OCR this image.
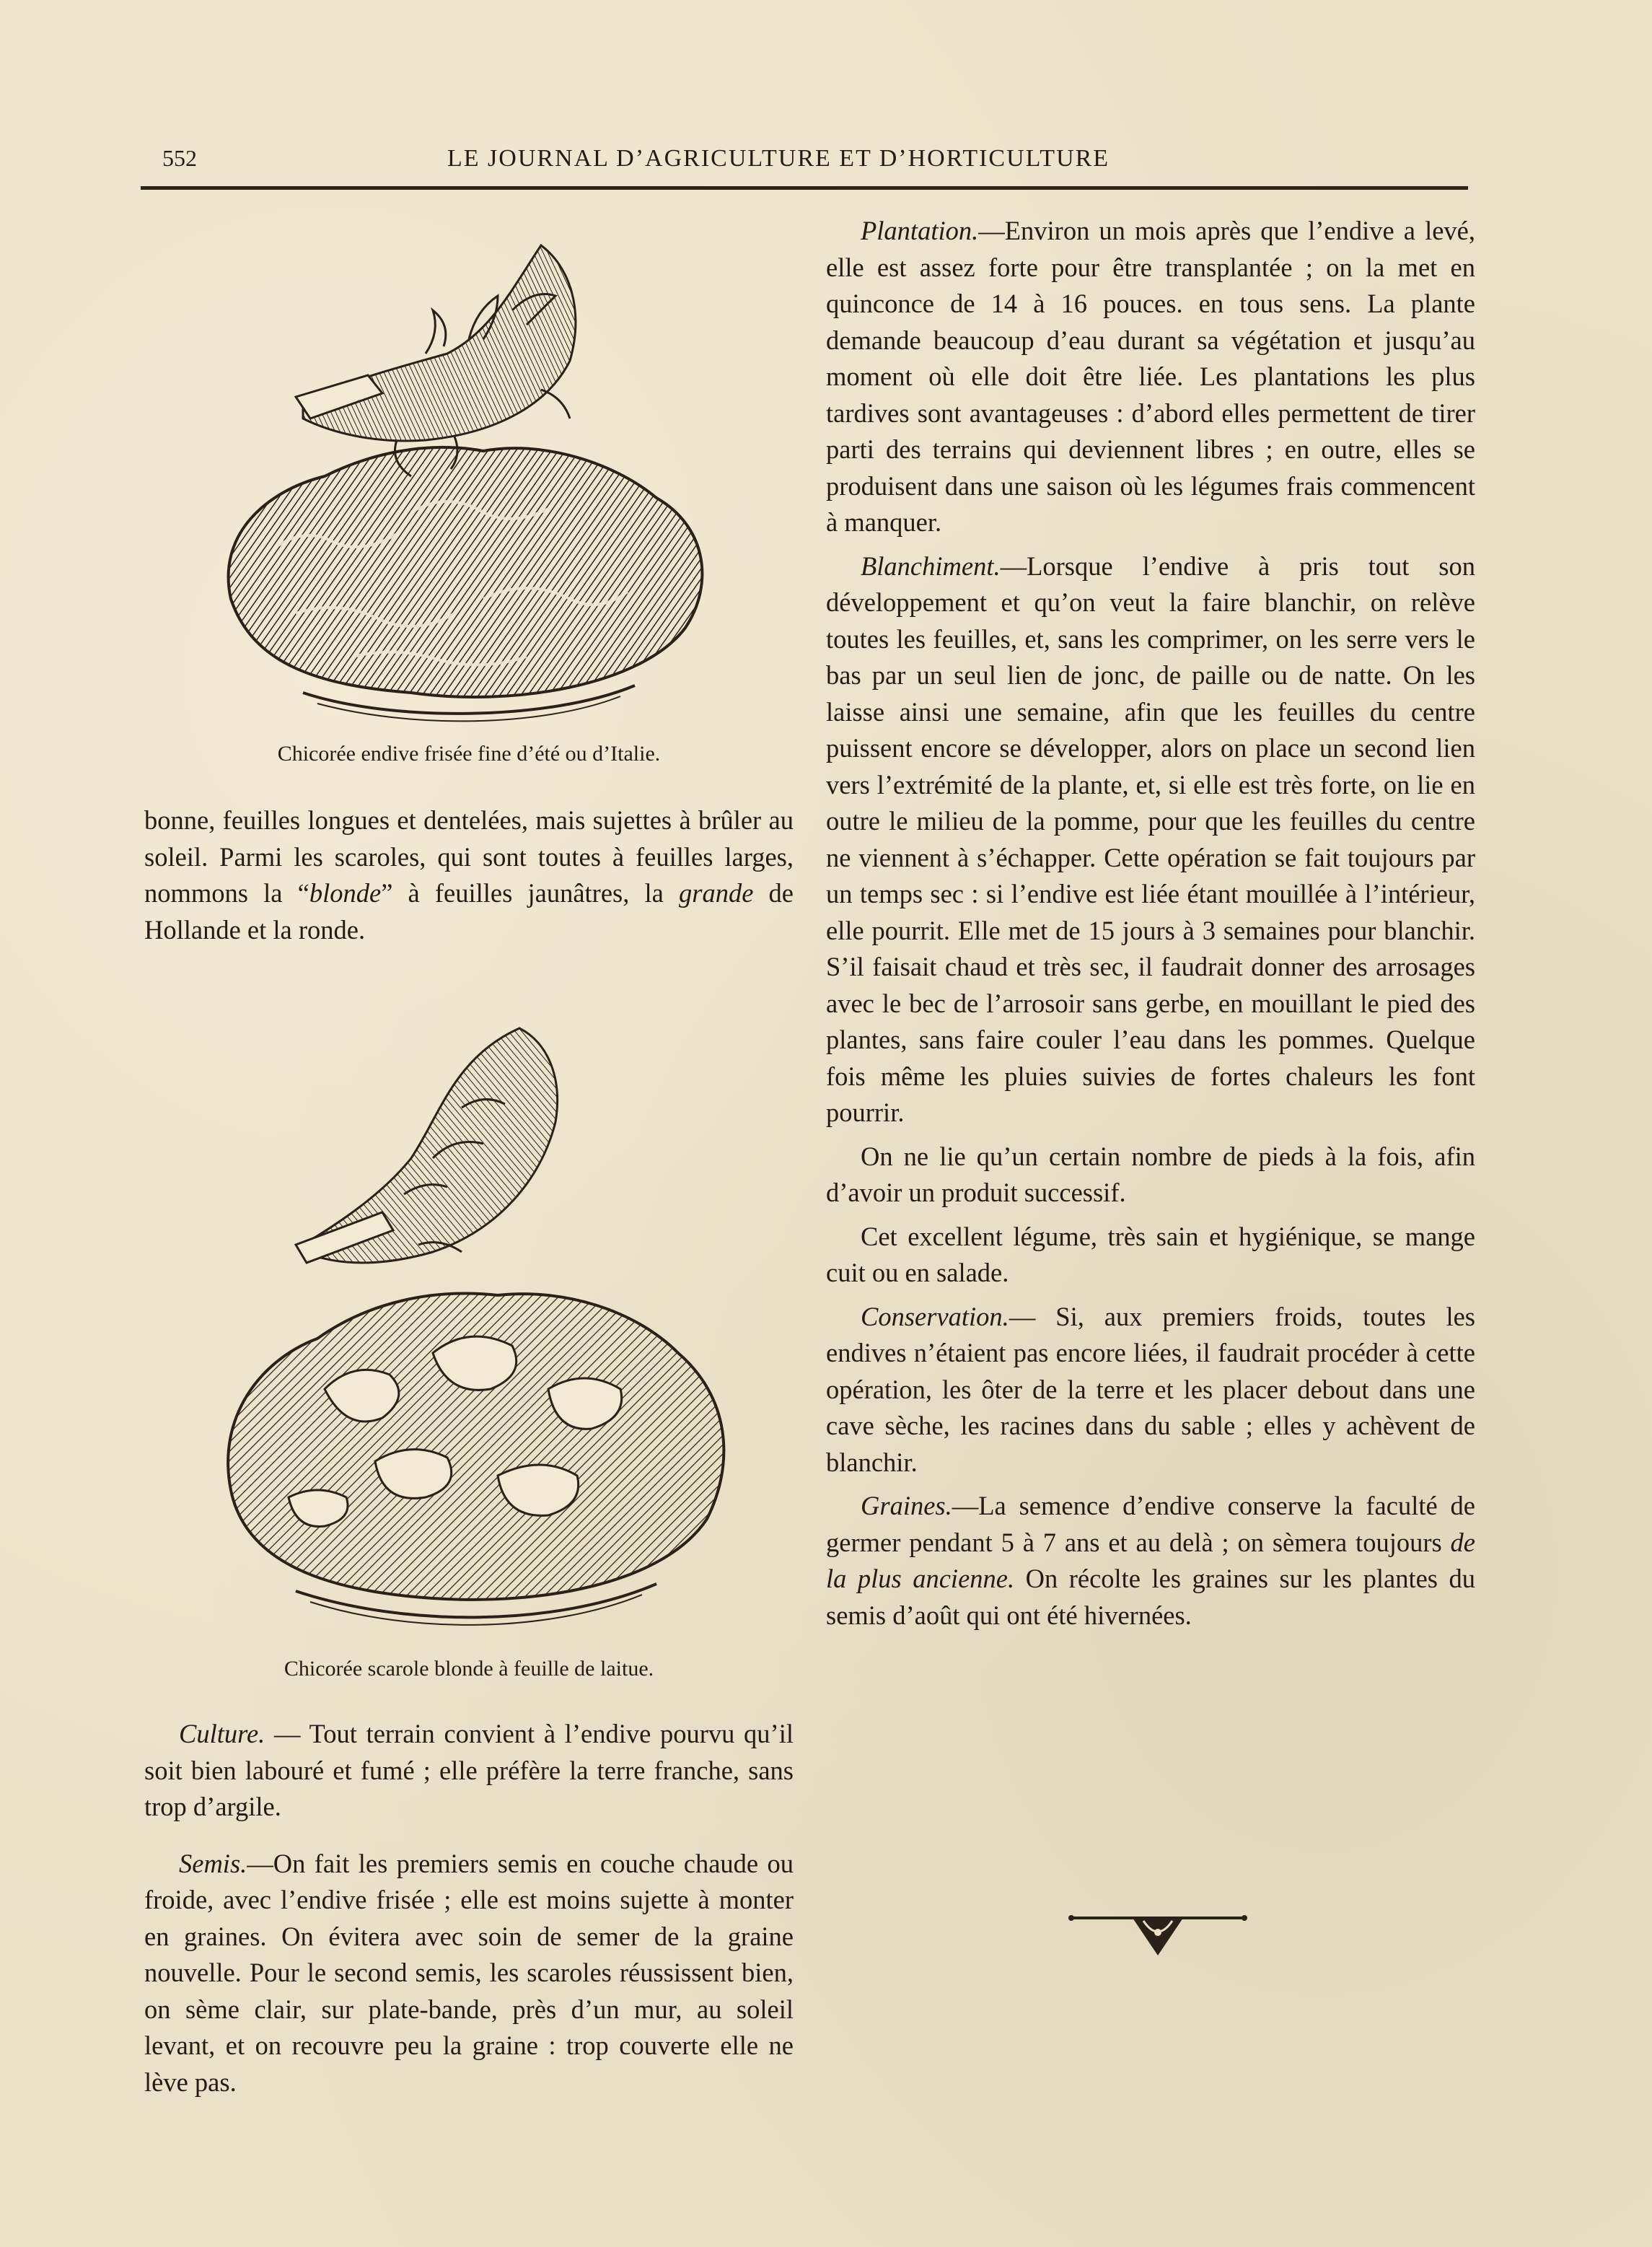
552	LE JOURNAL D’AGRICULTURE ET D’HORTICULTURE
Chicorée endive frisée fine d’été ou d’Italie.
Chicorée scarole blonde à feuille de laitue.

bonne, feuilles longues et dentelées, mais sujettes à brûler au soleil. Parmi les scaroles, qui sont toutes à feuilles larges, nommons la “blonde” à feuilles jaunâtres, la grande de Hollande et la ronde.

Culture. — Tout terrain convient à l’endive pourvu qu’il soit bien labouré et fumé ; elle préfère la terre franche, sans trop d’argile.

Semis.—On fait les premiers semis en couche chaude ou froide, avec l’endive frisée ; elle est moins sujette à monter en graines. On évitera avec soin de semer de la graine nouvelle. Pour le second semis, les scaroles réussissent bien, on sème clair, sur plate-bande, près d’un mur, au soleil levant, et on recouvre peu la graine : trop couverte elle ne lève pas.

Plantation.—Environ un mois après que l’endive a levé, elle est assez forte pour être transplantée ; on la met en quinconce de 14 à 16 pouces. en tous sens. La plante demande beaucoup d’eau durant sa végétation et jusqu’au moment où elle doit être liée. Les plantations les plus tardives sont avantageuses : d’abord elles permettent de tirer parti des terrains qui deviennent libres ; en outre, elles se produisent dans une saison où les légumes frais commencent à manquer.

Blanchiment.—Lorsque l’endive à pris tout son développement et qu’on veut la faire blanchir, on relève toutes les feuilles, et, sans les comprimer, on les serre vers le bas par un seul lien de jonc, de paille ou de natte. On les laisse ainsi une semaine, afin que les feuilles du centre puissent encore se développer, alors on place un second lien vers l’extrémité de la plante, et, si elle est très forte, on lie en outre le milieu de la pomme, pour que les feuilles du centre ne viennent à s’échapper. Cette opération se fait toujours par un temps sec : si l’endive est liée étant mouillée à l’intérieur, elle pourrit. Elle met de 15 jours à 3 semaines pour blanchir. S’il faisait chaud et très sec, il faudrait donner des arrosages avec le bec de l’arrosoir sans gerbe, en mouillant le pied des plantes, sans faire couler l’eau dans les pommes. Quelque fois même les pluies suivies de fortes chaleurs les font pourrir.

On ne lie qu’un certain nombre de pieds à la fois, afin d’avoir un produit successif.

Cet excellent légume, très sain et hygiénique, se mange cuit ou en salade.

Conservation.— Si, aux premiers froids, toutes les endives n’étaient pas encore liées, il faudrait procéder à cette opération, les ôter de la terre et les placer debout dans une cave sèche, les racines dans du sable ; elles y achèvent de blanchir.

Graines.—La semence d’endive conserve la faculté de germer pendant 5 à 7 ans et au delà ; on sèmera toujours de la plus ancienne. On récolte les graines sur les plantes du semis d’août qui ont été hivernées.
